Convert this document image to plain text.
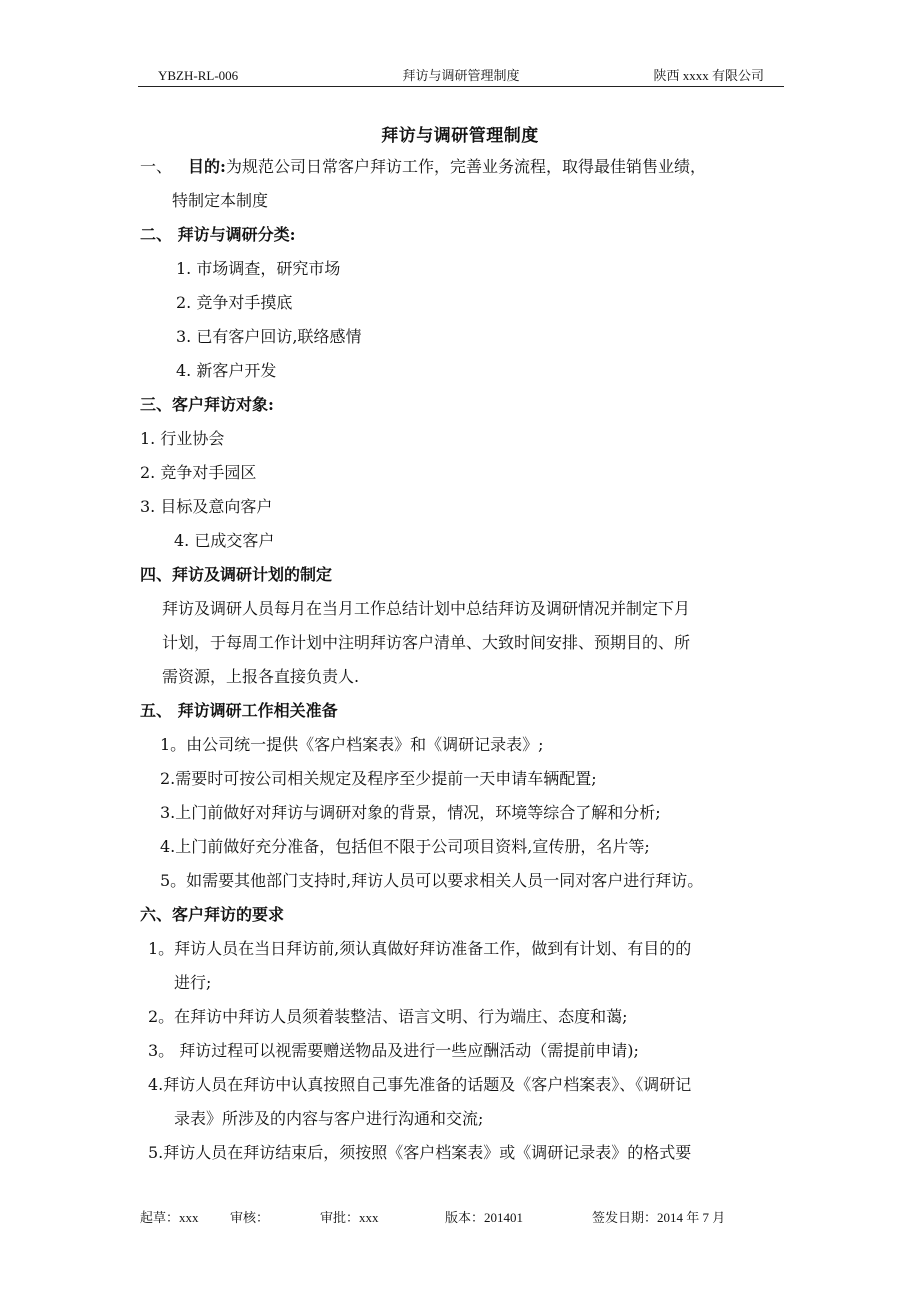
YBZH-RL-006	拜访与调研管理制度	陕西 xxxx 有限公司
拜访与调研管理制度
一、 目的:为规范公司日常客户拜访工作，完善业务流程，取得最佳销售业绩，
特制定本制度
二、 拜访与调研分类:
1. 市场调查，研究市场
2. 竞争对手摸底
3. 已有客户回访,联络感情
4. 新客户开发
三、客户拜访对象:
1. 行业协会
2. 竞争对手园区
3. 目标及意向客户
4. 已成交客户
四、拜访及调研计划的制定
拜访及调研人员每月在当月工作总结计划中总结拜访及调研情况并制定下月
计划，于每周工作计划中注明拜访客户清单、大致时间安排、预期目的、所
需资源，上报各直接负责人.
五、 拜访调研工作相关准备
1。由公司统一提供《客户档案表》和《调研记录表》;
2.需要时可按公司相关规定及程序至少提前一天申请车辆配置;
3.上门前做好对拜访与调研对象的背景，情况，环境等综合了解和分析;
4.上门前做好充分准备，包括但不限于公司项目资料,宣传册，名片等;
5。如需要其他部门支持时,拜访人员可以要求相关人员一同对客户进行拜访。
六、客户拜访的要求
1。拜访人员在当日拜访前,须认真做好拜访准备工作，做到有计划、有目的的
进行;
2。在拜访中拜访人员须着装整洁、语言文明、行为端庄、态度和蔼;
3。 拜访过程可以视需要赠送物品及进行一些应酬活动（需提前申请);
4.拜访人员在拜访中认真按照自己事先准备的话题及《客户档案表》、《调研记
录表》所涉及的内容与客户进行沟通和交流;
5.拜访人员在拜访结束后，须按照《客户档案表》或《调研记录表》的格式要
起草：xxx 审核：	审批：xxx	版本：201401	签发日期：2014 年 7 月
